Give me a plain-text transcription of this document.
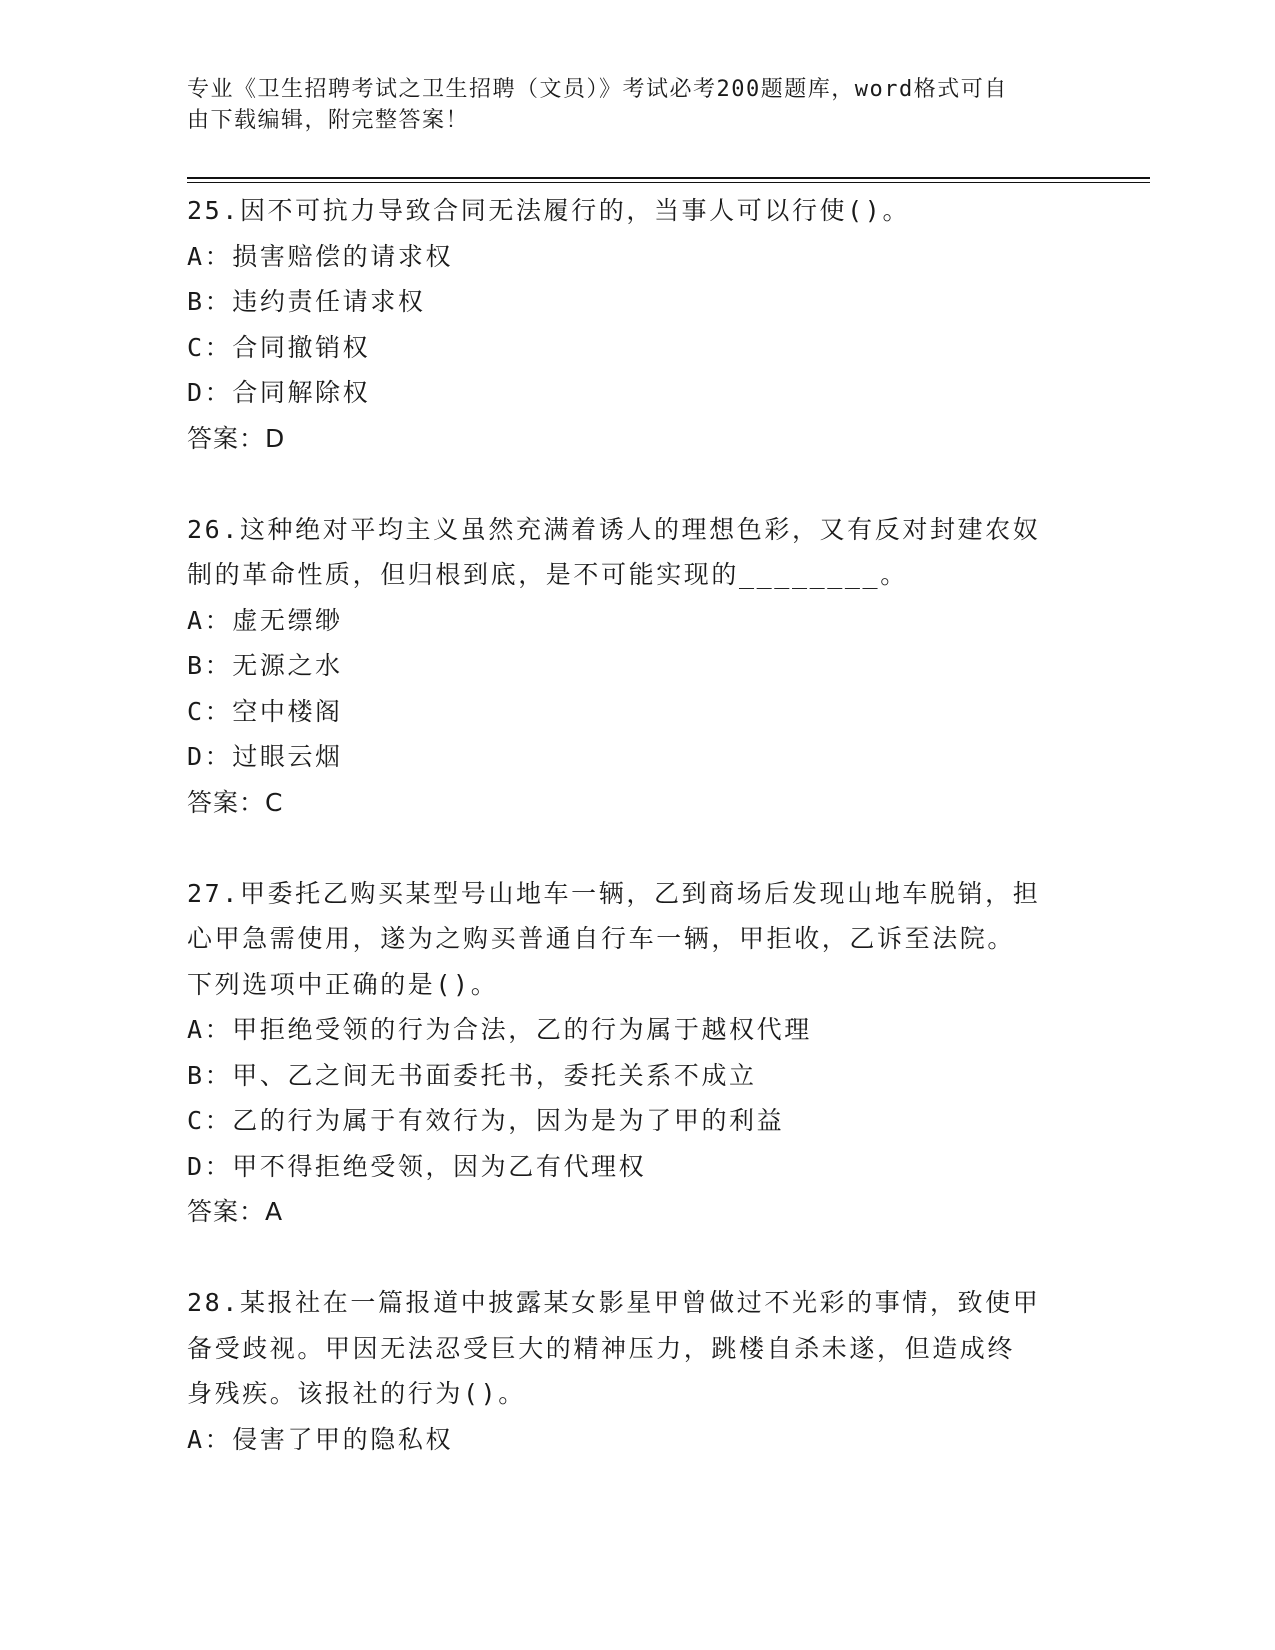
专业《卫生招聘考试之卫生招聘（文员）》考试必考200题题库，word格式可自
由下载编辑，附完整答案！
25.因不可抗力导致合同无法履行的，当事人可以行使()。
A：损害赔偿的请求权
B：违约责任请求权
C：合同撤销权
D：合同解除权
答案：D
26.这种绝对平均主义虽然充满着诱人的理想色彩，又有反对封建农奴
制的革命性质，但归根到底，是不可能实现的________。
A：虚无缥缈
B：无源之水
C：空中楼阁
D：过眼云烟
答案：C
27.甲委托乙购买某型号山地车一辆，乙到商场后发现山地车脱销，担
心甲急需使用，遂为之购买普通自行车一辆，甲拒收，乙诉至法院。
下列选项中正确的是()。
A：甲拒绝受领的行为合法，乙的行为属于越权代理
B：甲、乙之间无书面委托书，委托关系不成立
C：乙的行为属于有效行为，因为是为了甲的利益
D：甲不得拒绝受领，因为乙有代理权
答案：A
28.某报社在一篇报道中披露某女影星甲曾做过不光彩的事情，致使甲
备受歧视。甲因无法忍受巨大的精神压力，跳楼自杀未遂，但造成终
身残疾。该报社的行为()。
A：侵害了甲的隐私权
